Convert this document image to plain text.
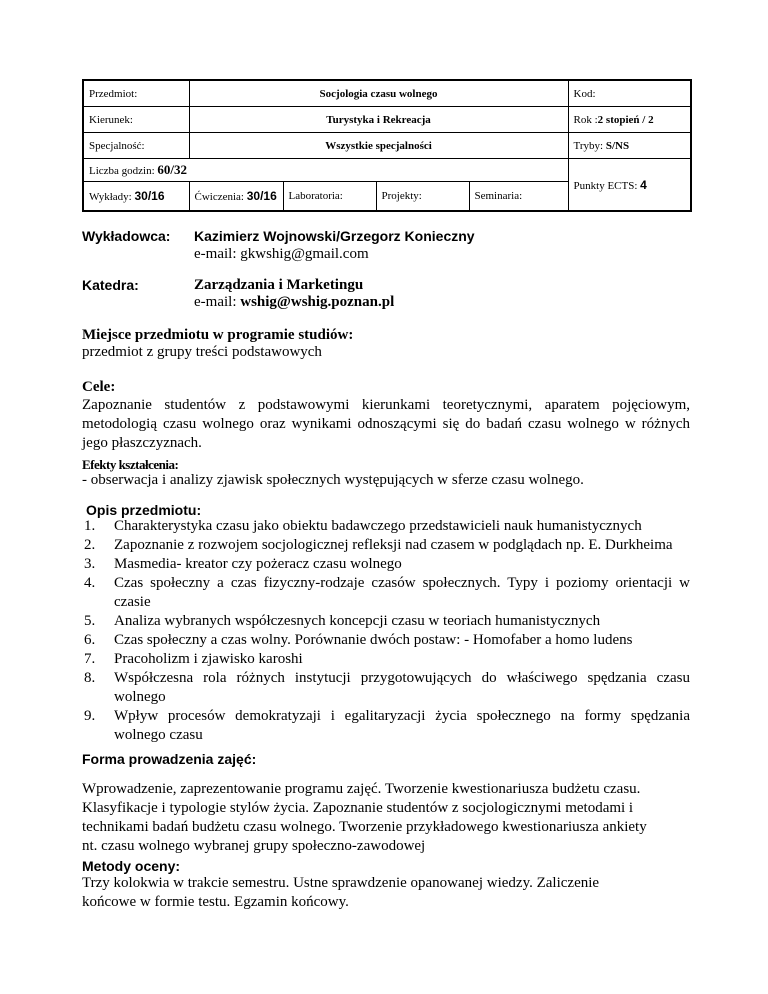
Przedmiot:	Socjologia czasu wolnego				Kod:
Kierunek:	Turystyka i Rekreacja				Rok :2 stopień / 2
Specjalność:	Wszystkie specjalności				Tryby: S/NS
Liczba godzin: 60/32					Punkty ECTS: 4
Wykłady: 30/16	Ćwiczenia: 30/16	Laboratoria:	Projekty:	Seminaria:	
Wykładowca: Kazimierz Wojnowski/Grzegorz Konieczny
e-mail: gkwshig@gmail.com
Katedra:	Zarządzania i Marketingu
e-mail: wshig@wshig.poznan.pl
Miejsce przedmiotu w programie studiów:
przedmiot z grupy treści podstawowych
Cele:
Zapoznanie studentów z podstawowymi kierunkami teoretycznymi, aparatem pojęciowym, metodologią czasu wolnego oraz wynikami odnoszącymi się do badań czasu wolnego w różnych jego płaszczyznach.
Efekty kształcenia:
- obserwacja i analizy zjawisk społecznych występujących w sferze czasu wolnego.
Opis przedmiotu:
1. Charakterystyka czasu jako obiektu badawczego przedstawicieli nauk humanistycznych
2. Zapoznanie z rozwojem socjologicznej refleksji nad czasem w podglądach np. E. Durkheima
3. Masmedia- kreator czy pożeracz czasu wolnego
4. Czas społeczny a czas fizyczny-rodzaje czasów społecznych. Typy i poziomy orientacji w czasie
5. Analiza wybranych współczesnych koncepcji czasu w teoriach humanistycznych
6. Czas społeczny a czas wolny. Porównanie dwóch postaw: - Homofaber a homo ludens
7. Pracoholizm i zjawisko karoshi
8. Współczesna rola różnych instytucji przygotowujących do właściwego spędzania czasu wolnego
9. Wpływ procesów demokratyzaji i egalitaryzacji życia społecznego na formy spędzania wolnego czasu
Forma prowadzenia zajęć:
Wprowadzenie, zaprezentowanie programu zajęć. Tworzenie kwestionariusza budżetu czasu.
Klasyfikacje i typologie stylów życia. Zapoznanie studentów z socjologicznymi metodami i
technikami badań budżetu czasu wolnego. Tworzenie przykładowego kwestionariusza ankiety
nt. czasu wolnego wybranej grupy społeczno-zawodowej
Metody oceny:
Trzy kolokwia w trakcie semestru. Ustne sprawdzenie opanowanej wiedzy. Zaliczenie
końcowe w formie testu. Egzamin końcowy.
